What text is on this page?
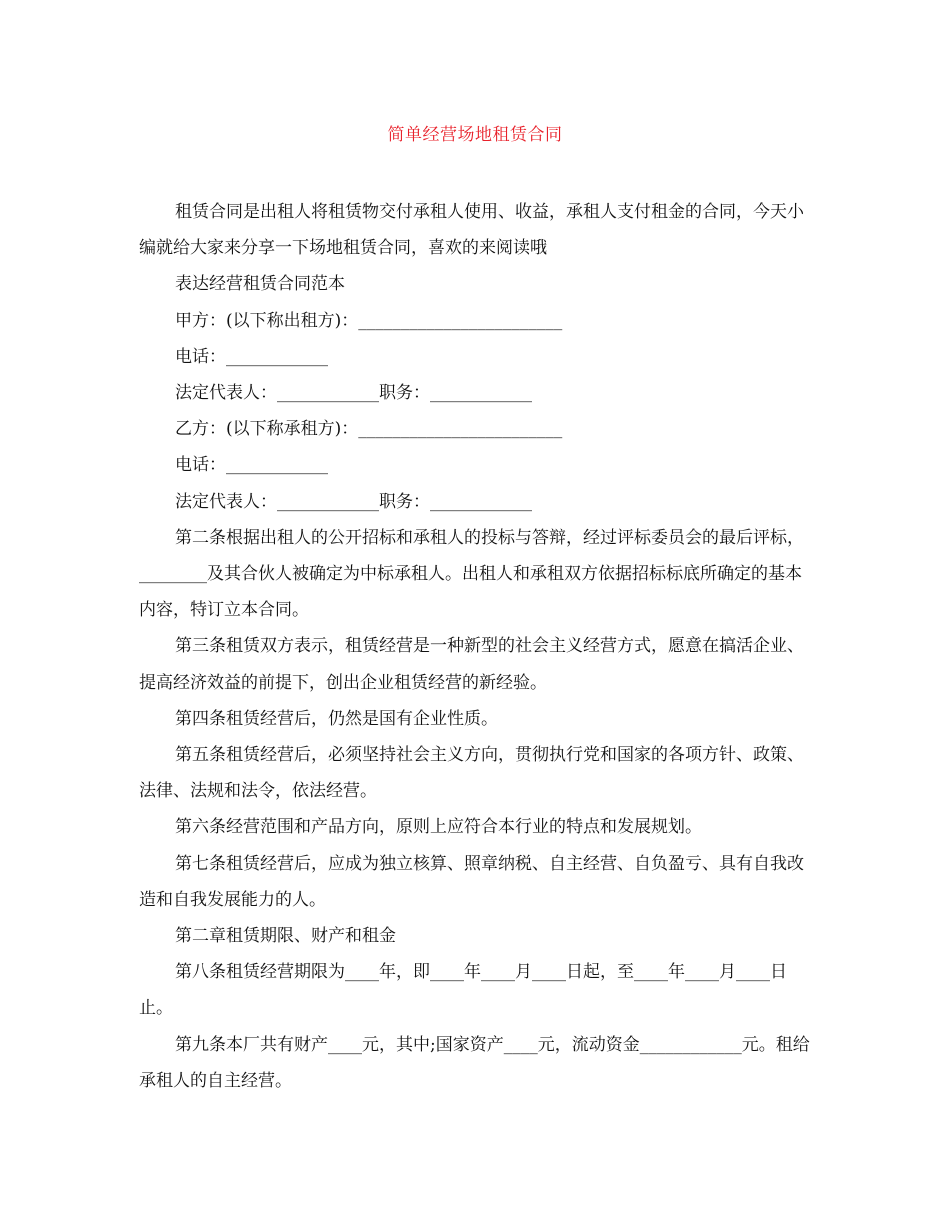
简单经营场地租赁合同

租赁合同是出租人将租赁物交付承租人使用、收益，承租人支付租金的合同，今天小编就给大家来分享一下场地租赁合同，喜欢的来阅读哦

表达经营租赁合同范本

甲方：(以下称出租方)：________________________

电话：____________

法定代表人：____________职务：____________

乙方：(以下称承租方)：________________________

电话：____________

法定代表人：____________职务：____________

第二条根据出租人的公开招标和承租人的投标与答辩，经过评标委员会的最后评标，________及其合伙人被确定为中标承租人。出租人和承租双方依据招标标底所确定的基本内容，特订立本合同。

第三条租赁双方表示，租赁经营是一种新型的社会主义经营方式，愿意在搞活企业、提高经济效益的前提下，创出企业租赁经营的新经验。

第四条租赁经营后，仍然是国有企业性质。

第五条租赁经营后，必须坚持社会主义方向，贯彻执行党和国家的各项方针、政策、法律、法规和法令，依法经营。

第六条经营范围和产品方向，原则上应符合本行业的特点和发展规划。

第七条租赁经营后，应成为独立核算、照章纳税、自主经营、自负盈亏、具有自我改造和自我发展能力的人。

第二章租赁期限、财产和租金

第八条租赁经营期限为____年，即____年____月____日起，至____年____月____日止。

第九条本厂共有财产____元，其中;国家资产____元，流动资金____________元。租给承租人的自主经营。
